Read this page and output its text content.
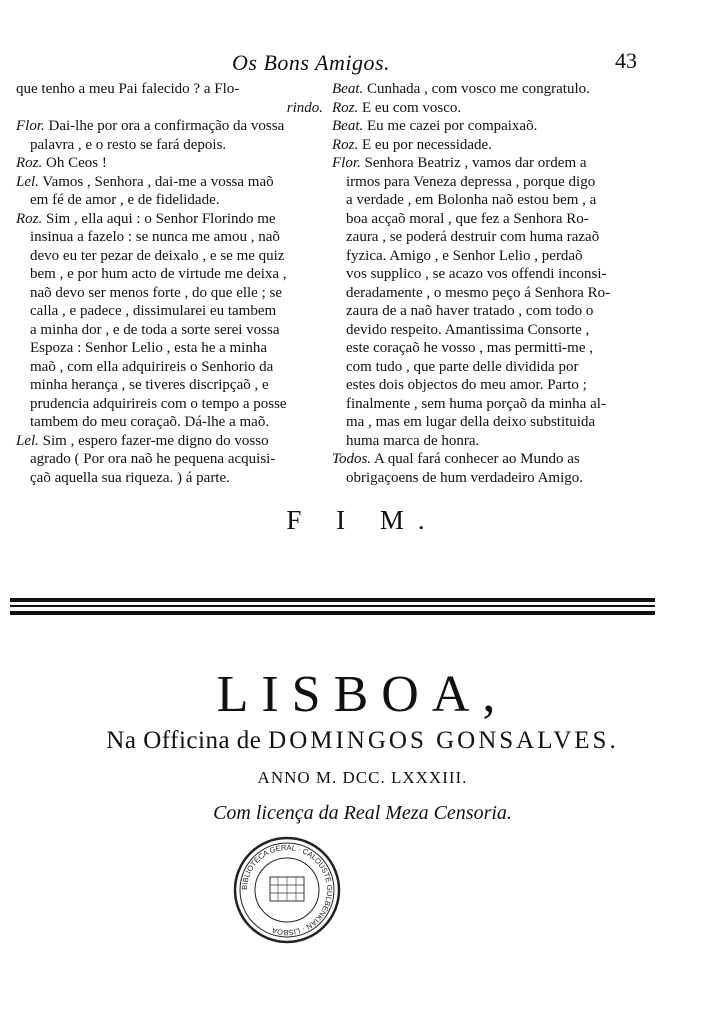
Os Bons Amigos.	43
que tenho a meu Pai falecido ? a Flo-
rindo.
Flor. Dai-lhe por ora a confirmação da vossa
palavra , e o resto se fará depois.
Roz. Oh Ceos !
Lel. Vamos , Senhora , dai-me a vossa maõ
em fé de amor , e de fidelidade.
Roz. Sim , ella aqui : o Senhor Florindo me
insinua a fazelo : se nunca me amou , naõ
devo eu ter pezar de deixalo , e se me quiz
bem , e por hum acto de virtude me deixa ,
naõ devo ser menos forte , do que elle ; se
calla , e padece , dissimularei eu tambem
a minha dor , e de toda a sorte serei vossa
Espoza : Senhor Lelio , esta he a minha
maõ , com ella adquirireis o Senhorio da
minha herança , se tiveres discripçaõ , e
prudencia adquirireis com o tempo a posse
tambem do meu coraçaõ. Dá-lhe a maõ.
Lel. Sim , espero fazer-me digno do vosso
agrado ( Por ora naõ he pequena acquisi-
çaõ aquella sua riqueza. ) á parte.
Beat. Cunhada , com vosco me congratulo.
Roz. E eu com vosco.
Beat. Eu me cazei por compaixaõ.
Roz. E eu por necessidade.
Flor. Senhora Beatriz , vamos dar ordem a
irmos para Veneza depressa , porque digo
a verdade , em Bolonha naõ estou bem , a
boa acçaõ moral , que fez a Senhora Ro-
zaura , se poderá destruir com huma razaõ
fyzica. Amigo , e Senhor Lelio , perdaõ
vos supplico , se acazo vos offendi inconsi-
deradamente , o mesmo peço á Senhora Ro-
zaura de a naõ haver tratado , com todo o
devido respeito. Amantissima Consorte ,
este coraçaõ he vosso , mas permitti-me ,
com tudo , que parte delle dividida por
estes dois objectos do meu amor. Parto ;
finalmente , sem huma porçaõ da minha al-
ma , mas em lugar della deixo substituida
huma marca de honra.
Todos. A qual fará conhecer ao Mundo as
obrigaçoens de hum verdadeiro Amigo.
F I M.
LISBOA,
Na Officina de DOMINGOS GONSALVES.
ANNO M. DCC. LXXXIII.
Com licença da Real Meza Censoria.
BIBLIOTECA GERAL · CALOUSTE GULBENKIAN · LISBOA
